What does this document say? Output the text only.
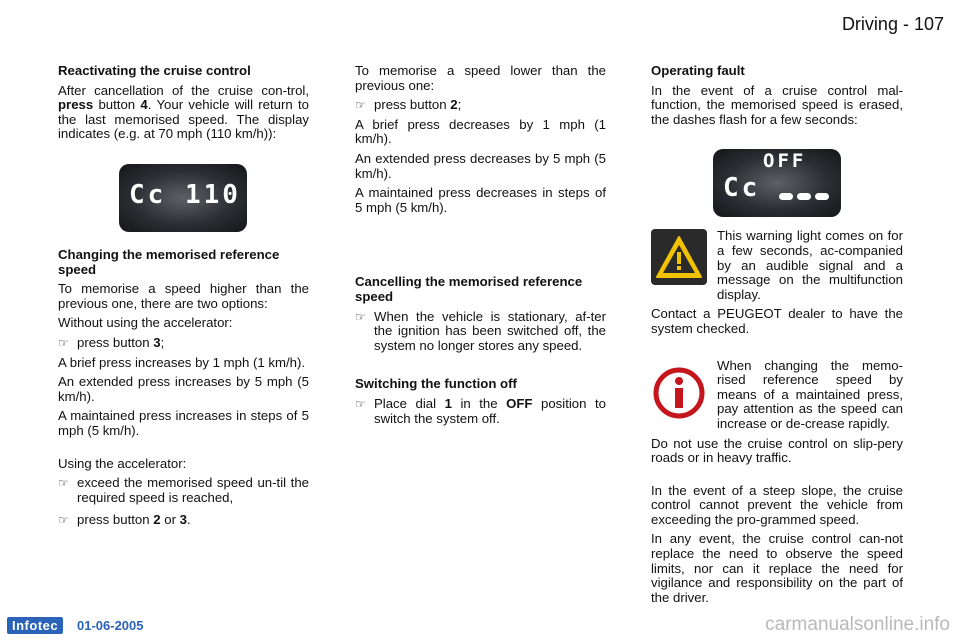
Driving - 107
Reactivating the cruise control

After cancellation of the cruise con-trol, press button 4. Your vehicle will return to the last memorised speed. The display indicates (e.g. at 70 mph (110 km/h)):

Cc 110
Changing the memorised reference speed

To memorise a speed higher than the previous one, there are two options:

Without using the accelerator:

☞ press button 3;

A brief press increases by 1 mph (1 km/h).

An extended press increases by 5 mph (5 km/h).

A maintained press increases in steps of 5 mph (5 km/h).

Using the accelerator:

☞ exceed the memorised speed un-til the required speed is reached,
☞ press button 2 or 3.

To memorise a speed lower than the previous one:

☞ press button 2;

A brief press decreases by 1 mph (1 km/h).

An extended press decreases by 5 mph (5 km/h).

A maintained press decreases in steps of 5 mph (5 km/h).

Cancelling the memorised reference speed
☞ When the vehicle is stationary, af-ter the ignition has been switched off, the system no longer stores any speed.
Switching the function off
☞ Place dial 1 in the OFF position to switch the system off.
Operating fault

In the event of a cruise control mal-function, the memorised speed is erased, the dashes flash for a few seconds:

OFF
Cc

This warning light comes on for a few seconds, ac-companied by an audible signal and a message on the multifunction display.

Contact a PEUGEOT dealer to have the system checked.

When changing the memo-rised reference speed by means of a maintained press, pay attention as the speed can increase or de-crease rapidly.

Do not use the cruise control on slip-pery roads or in heavy traffic.

In the event of a steep slope, the cruise control cannot prevent the vehicle from exceeding the pro-grammed speed.

In any event, the cruise control can-not replace the need to observe the speed limits, nor can it replace the need for vigilance and responsibility on the part of the driver.

Infotec	01-06-2005	carmanualsonline.info
